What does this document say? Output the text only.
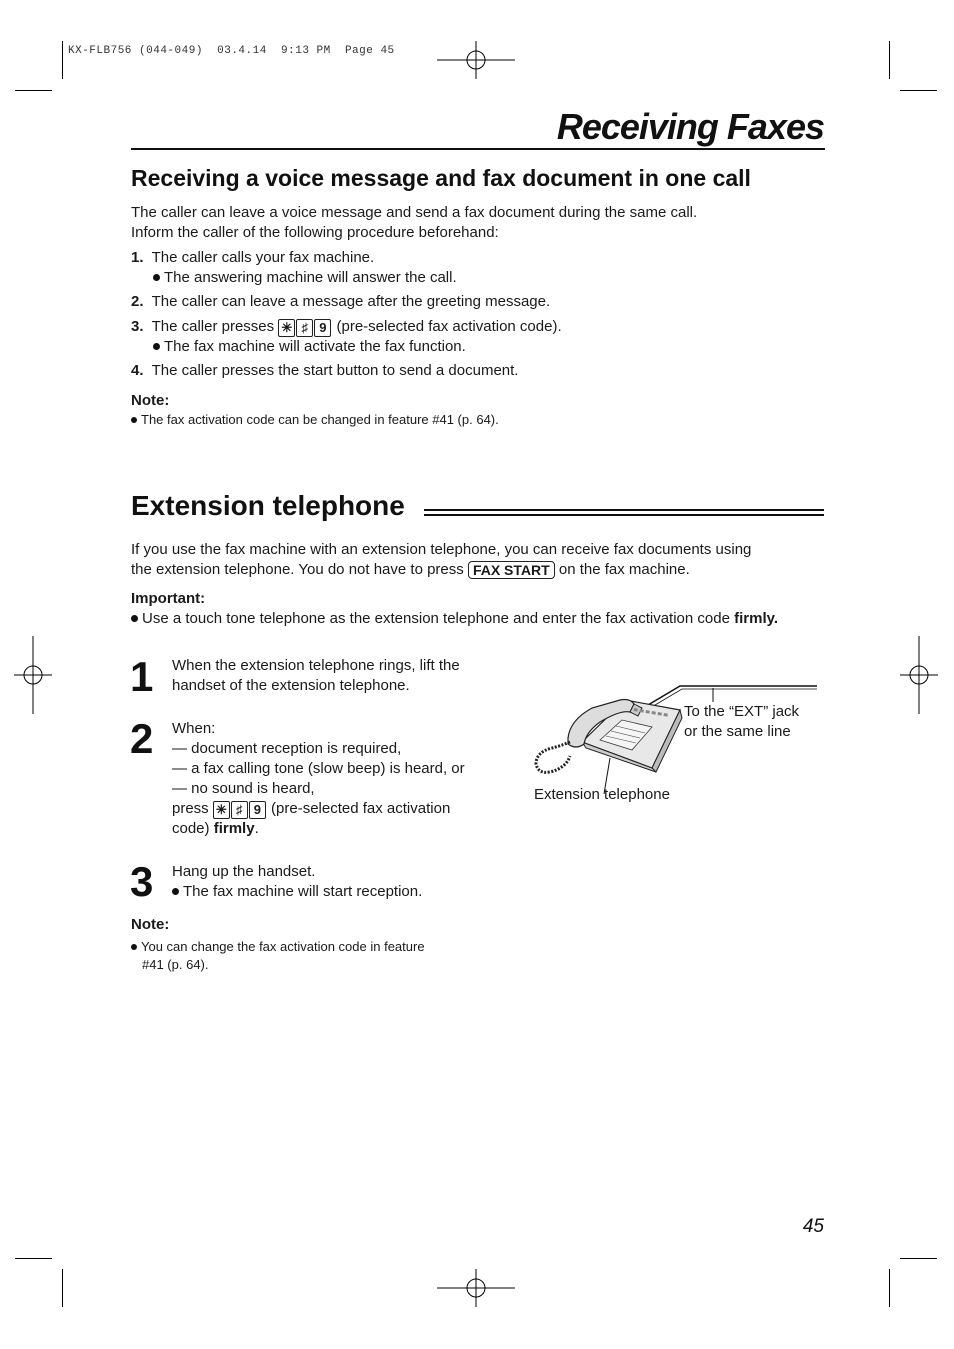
KX-FLB756 (044-049)  03.4.14  9:13 PM  Page 45
Receiving Faxes
Receiving a voice message and fax document in one call
The caller can leave a voice message and send a fax document during the same call.
Inform the caller of the following procedure beforehand:
1. The caller calls your fax machine.
The answering machine will answer the call.
2. The caller can leave a message after the greeting message.
3. The caller presses ✳ ♯ 9 (pre-selected fax activation code).
The fax machine will activate the fax function.
4. The caller presses the start button to send a document.
Note:
The fax activation code can be changed in feature #41 (p. 64).
Extension telephone
If you use the fax machine with an extension telephone, you can receive fax documents using
the extension telephone. You do not have to press FAX START on the fax machine.
Important:
Use a touch tone telephone as the extension telephone and enter the fax activation code firmly.
1 When the extension telephone rings, lift the
handset of the extension telephone.
2 When:
— document reception is required,
— a fax calling tone (slow beep) is heard, or
— no sound is heard,
press ✳ ♯ 9 (pre-selected fax activation
code) firmly.
3 Hang up the handset.
The fax machine will start reception.
Note:
You can change the fax activation code in feature
#41 (p. 64).
To the “EXT” jack
or the same line
Extension telephone
45
